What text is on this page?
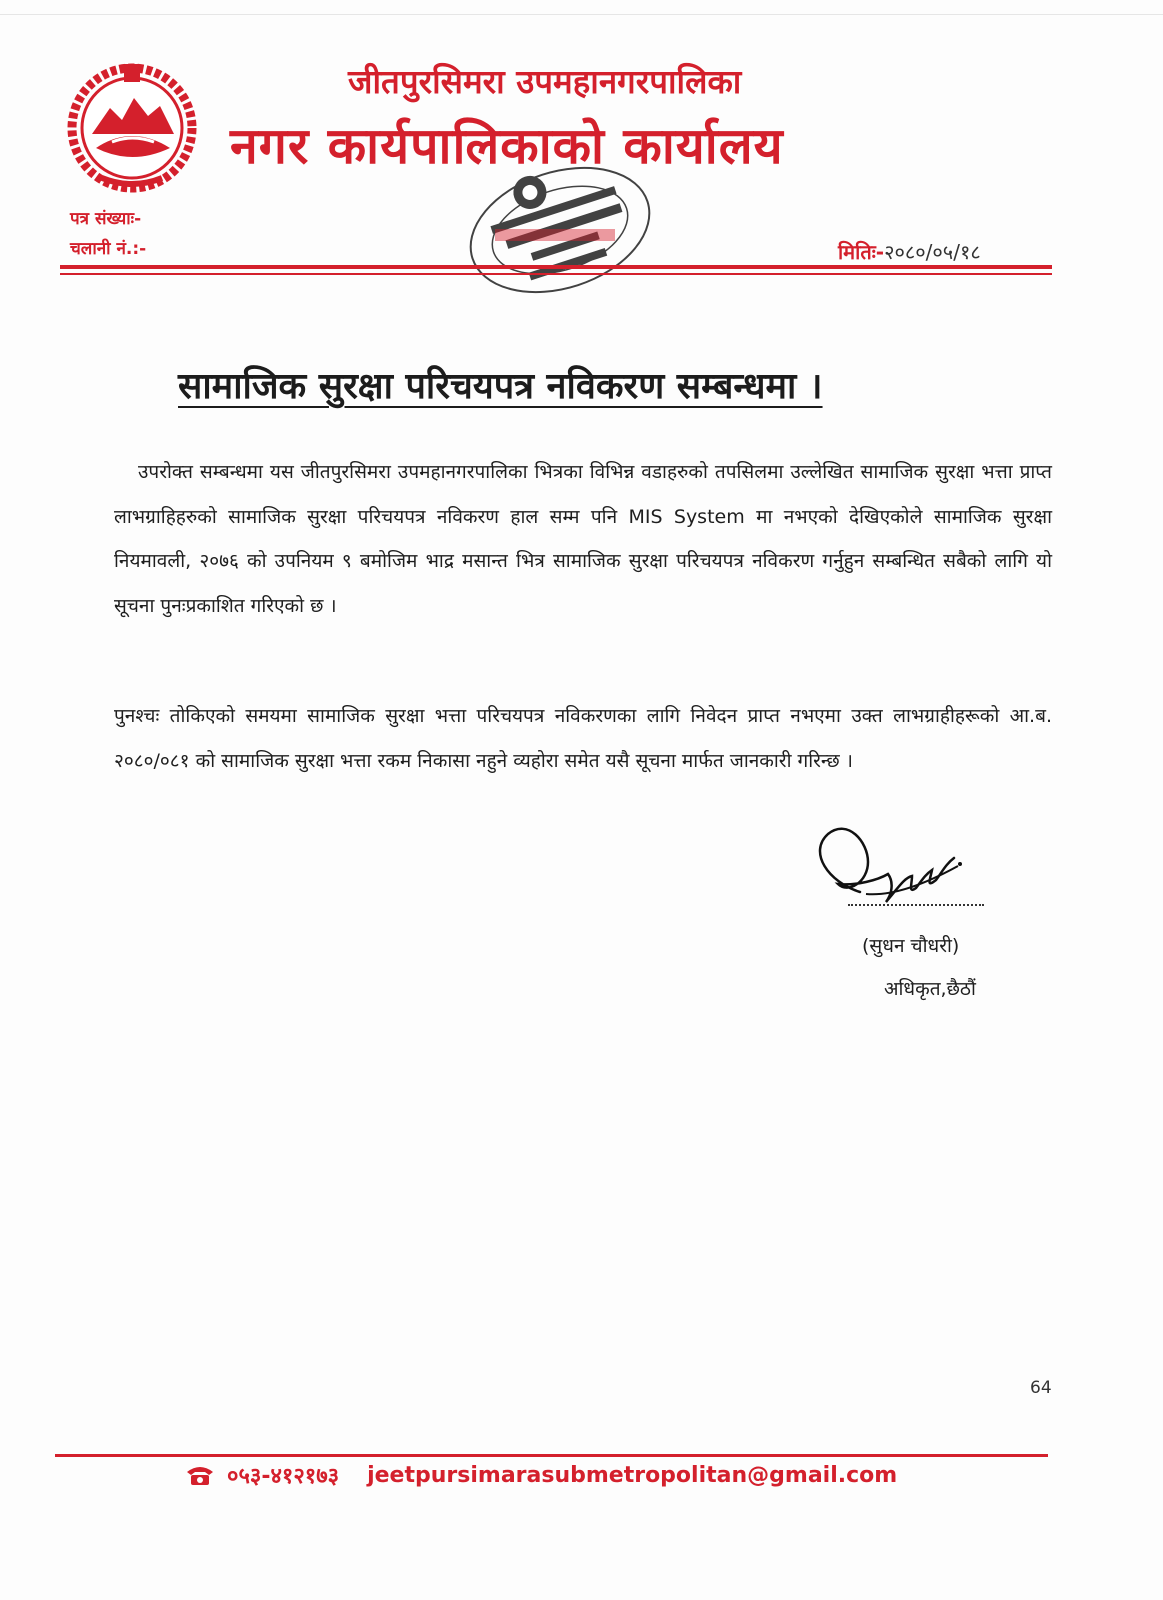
जीतपुरसिमरा उपमहानगरपालिका
नगर कार्यपालिकाको कार्यालय
पत्र संख्याः-
चलानी नं.:-	मितिः-२०८०/०५/१८
सामाजिक सुरक्षा परिचयपत्र नविकरण सम्बन्धमा ।
उपरोक्त सम्बन्धमा यस जीतपुरसिमरा उपमहानगरपालिका भित्रका विभिन्न वडाहरुको तपसिलमा उल्लेखित सामाजिक सुरक्षा भत्ता प्राप्त लाभग्राहिहरुको सामाजिक सुरक्षा परिचयपत्र नविकरण हाल सम्म पनि MIS System मा नभएको देखिएकोले सामाजिक सुरक्षा नियमावली, २०७६ को उपनियम ९ बमोजिम भाद्र मसान्त भित्र सामाजिक सुरक्षा परिचयपत्र नविकरण गर्नुहुन सम्बन्धित सबैको लागि यो सूचना पुनःप्रकाशित गरिएको छ ।
पुनश्चः तोकिएको समयमा सामाजिक सुरक्षा भत्ता परिचयपत्र नविकरणका लागि निवेदन प्राप्त नभएमा उक्त लाभग्राहीहरूको आ.ब. २०८०/०८१ को सामाजिक सुरक्षा भत्ता रकम निकासा नहुने व्यहोरा समेत यसै सूचना मार्फत जानकारी गरिन्छ ।
(सुधन चौधरी)
अधिकृत,छैठौं
64
०५३-४१२१७३ jeetpursimarasubmetropolitan@gmail.com
